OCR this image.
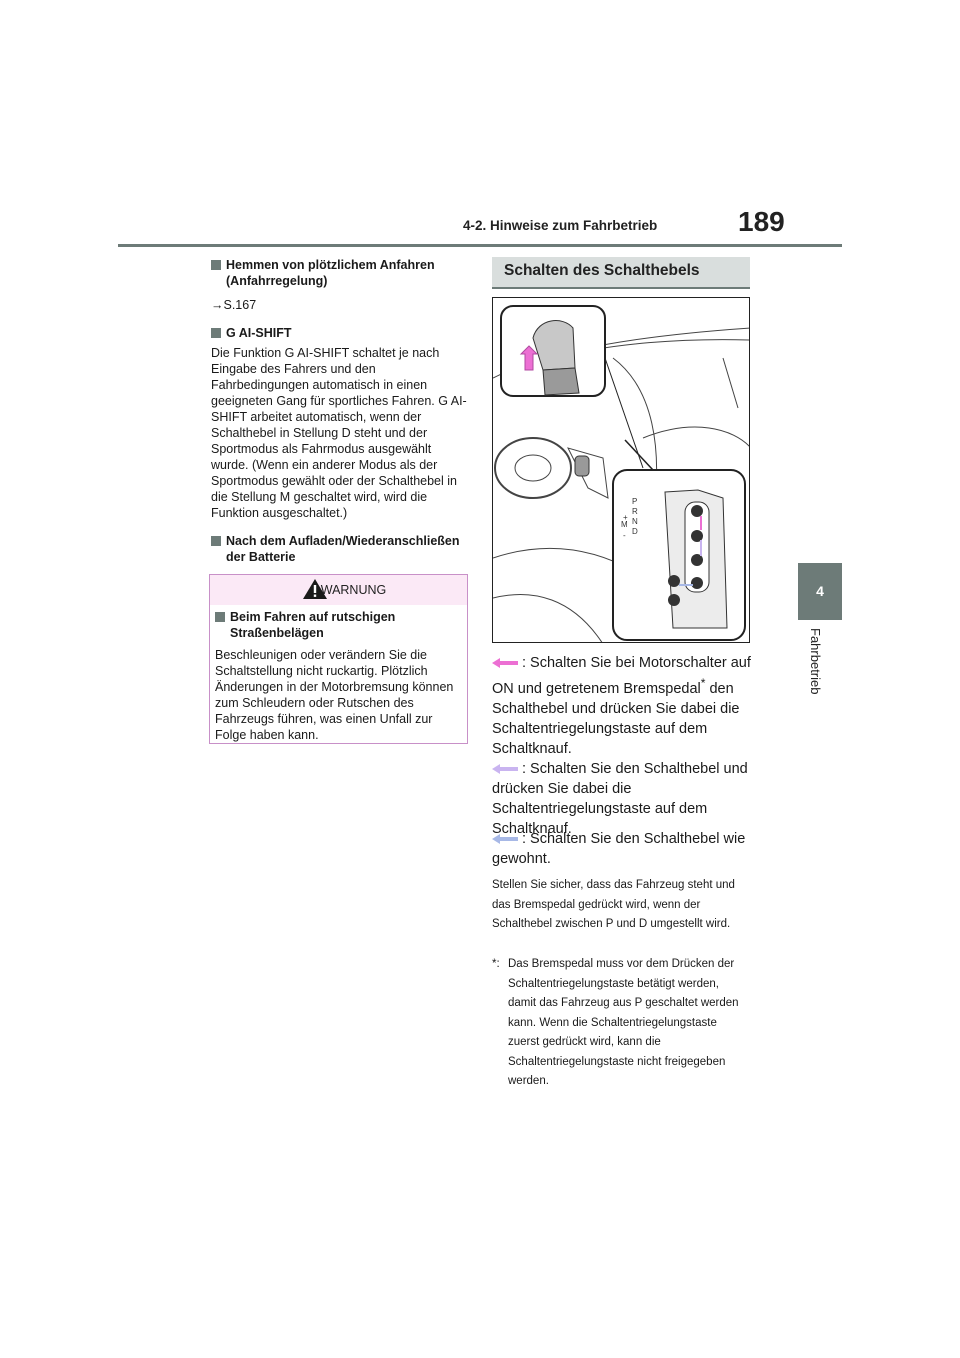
4-2. Hinweise zum Fahrbetrieb	189
4
Fahrbetrieb

Hemmen von plötzlichem Anfahren (Anfahrregelung)

→S.167

G AI-SHIFT

Die Funktion G AI-SHIFT schaltet je nach Eingabe des Fahrers und den Fahrbedingungen automatisch in einen geeigneten Gang für sportliches Fahren. G AI-SHIFT arbeitet automatisch, wenn der Schalthebel in Stellung D steht und der Sportmodus als Fahrmodus ausgewählt wurde. (Wenn ein anderer Modus als der Sportmodus gewählt oder der Schalthebel in die Stellung M geschaltet wird, wird die Funktion ausgeschaltet.)

Nach dem Aufladen/Wiederanschließen der Batterie

WARNUNG

Beim Fahren auf rutschigen Straßenbelägen

Beschleunigen oder verändern Sie die Schaltstellung nicht ruckartig. Plötzlich Änderungen in der Motorbremsung können zum Schleudern oder Rutschen des Fahrzeugs führen, was einen Unfall zur Folge haben kann.

Schalten des Schalthebels
P
R
N
D
M
+
-

: Schalten Sie bei Motorschalter auf ON und getretenem Bremspedal* den Schalthebel und drücken Sie dabei die Schaltentriegelungstaste auf dem Schaltknauf.

: Schalten Sie den Schalthebel und drücken Sie dabei die Schaltentriegelungstaste auf dem Schaltknauf.

: Schalten Sie den Schalthebel wie gewohnt.

Stellen Sie sicher, dass das Fahrzeug steht und das Bremspedal gedrückt wird, wenn der Schalthebel zwischen P und D umgestellt wird.

*: Das Bremspedal muss vor dem Drücken der Schaltentriegelungstaste betätigt werden, damit das Fahrzeug aus P geschaltet werden kann. Wenn die Schaltentriegelungstaste zuerst gedrückt wird, kann die Schaltentriegelungstaste nicht freigegeben werden.
